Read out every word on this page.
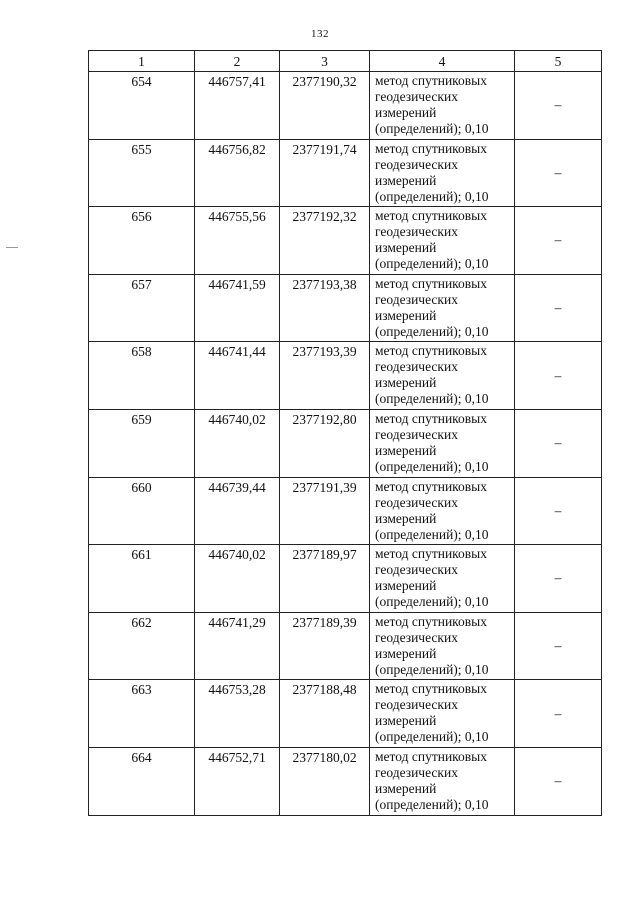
132
1	2	3	4	5
654	446757,41	2377190,32	метод спутниковых
геодезических
измерений
(определений); 0,10	–
655	446756,82	2377191,74	метод спутниковых
геодезических
измерений
(определений); 0,10	–
656	446755,56	2377192,32	метод спутниковых
геодезических
измерений
(определений); 0,10	–
657	446741,59	2377193,38	метод спутниковых
геодезических
измерений
(определений); 0,10	–
658	446741,44	2377193,39	метод спутниковых
геодезических
измерений
(определений); 0,10	–
659	446740,02	2377192,80	метод спутниковых
геодезических
измерений
(определений); 0,10	–
660	446739,44	2377191,39	метод спутниковых
геодезических
измерений
(определений); 0,10	–
661	446740,02	2377189,97	метод спутниковых
геодезических
измерений
(определений); 0,10	–
662	446741,29	2377189,39	метод спутниковых
геодезических
измерений
(определений); 0,10	–
663	446753,28	2377188,48	метод спутниковых
геодезических
измерений
(определений); 0,10	–
664	446752,71	2377180,02	метод спутниковых
геодезических
измерений
(определений); 0,10	–
